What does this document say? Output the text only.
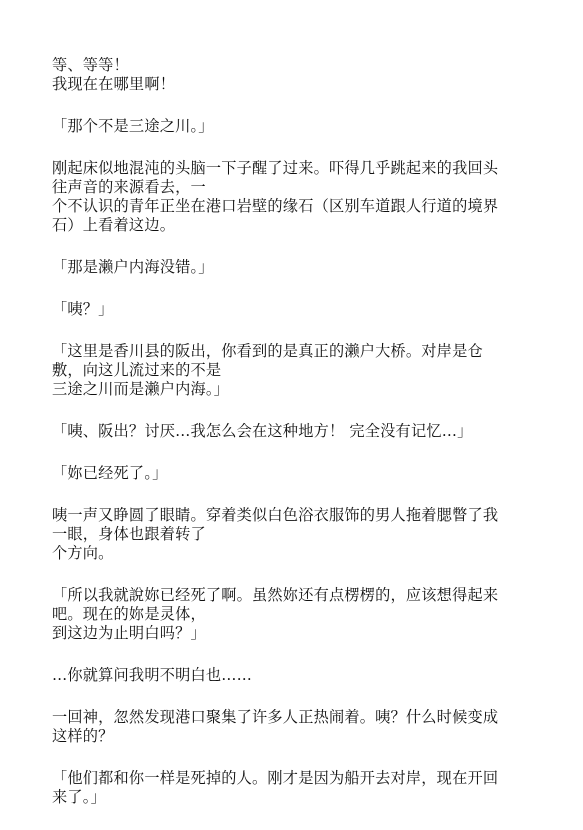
等、等等！
我现在在哪里啊！

「那个不是三途之川。」

刚起床似地混沌的头脑一下子醒了过来。吓得几乎跳起来的我回头
往声音的来源看去，一
个不认识的青年正坐在港口岩壁的缘石（区别车道跟人行道的境界
石）上看着这边。

「那是濑户内海没错。」

「咦？」

「这里是香川县的阪出，你看到的是真正的濑户大桥。对岸是仓
敷，向这儿流过来的不是
三途之川而是濑户内海。」

「咦、阪出？讨厌…我怎么会在这种地方！ 完全没有记忆…」

「妳已经死了。」

咦一声又睁圆了眼睛。穿着类似白色浴衣服饰的男人拖着腮瞥了我
一眼，身体也跟着转了
个方向。

「所以我就說妳已经死了啊。虽然妳还有点楞楞的，应该想得起来
吧。现在的妳是灵体，
到这边为止明白吗？」

…你就算问我明不明白也……

一回神，忽然发现港口聚集了许多人正热闹着。咦？什么时候变成
这样的？

「他们都和你一样是死掉的人。刚才是因为船开去对岸，现在开回
来了。」
